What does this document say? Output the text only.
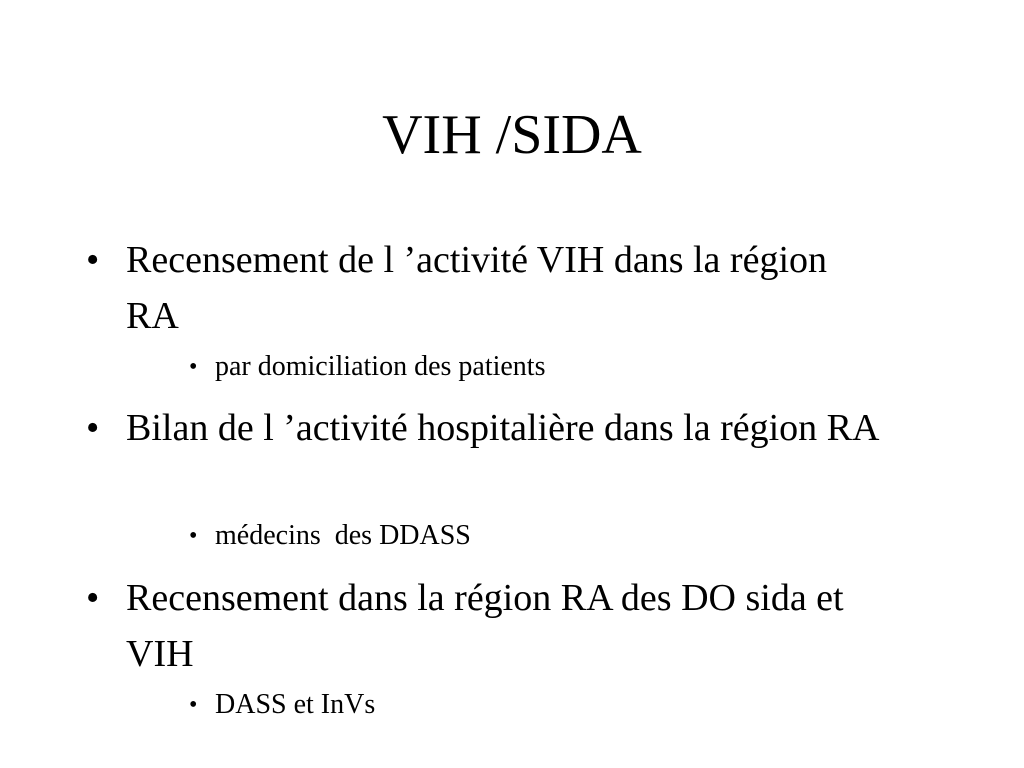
VIH /SIDA
• Recensement de l ’activité VIH dans la région RA
• par domiciliation des patients
• Bilan de l ’activité hospitalière dans la région RA
• médecins  des DDASS
• Recensement dans la région RA des DO sida et VIH
• DASS et InVs
